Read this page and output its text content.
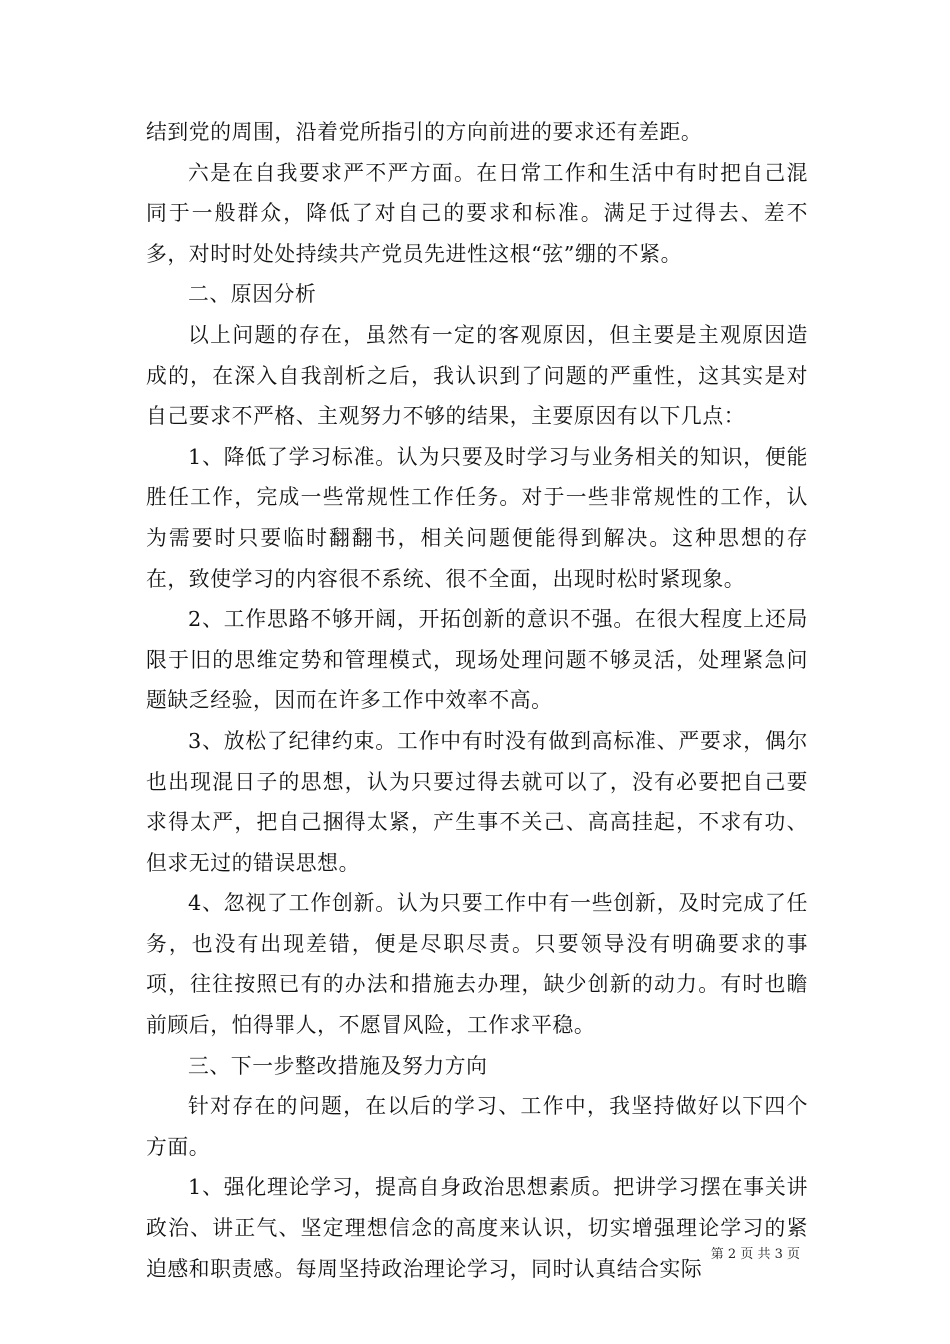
结到党的周围，沿着党所指引的方向前进的要求还有差距。

六是在自我要求严不严方面。在日常工作和生活中有时把自己混同于一般群众，降低了对自己的要求和标准。满足于过得去、差不多，对时时处处持续共产党员先进性这根“弦”绷的不紧。

二、原因分析

以上问题的存在，虽然有一定的客观原因，但主要是主观原因造成的，在深入自我剖析之后，我认识到了问题的严重性，这其实是对自己要求不严格、主观努力不够的结果，主要原因有以下几点：

1、降低了学习标准。认为只要及时学习与业务相关的知识，便能胜任工作，完成一些常规性工作任务。对于一些非常规性的工作，认为需要时只要临时翻翻书，相关问题便能得到解决。这种思想的存在，致使学习的内容很不系统、很不全面，出现时松时紧现象。

2、工作思路不够开阔，开拓创新的意识不强。在很大程度上还局限于旧的思维定势和管理模式，现场处理问题不够灵活，处理紧急问题缺乏经验，因而在许多工作中效率不高。

3、放松了纪律约束。工作中有时没有做到高标准、严要求，偶尔也出现混日子的思想，认为只要过得去就可以了，没有必要把自己要求得太严，把自己捆得太紧，产生事不关己、高高挂起，不求有功、但求无过的错误思想。

4、忽视了工作创新。认为只要工作中有一些创新，及时完成了任务，也没有出现差错，便是尽职尽责。只要领导没有明确要求的事项，往往按照已有的办法和措施去办理，缺少创新的动力。有时也瞻前顾后，怕得罪人，不愿冒风险，工作求平稳。

三、下一步整改措施及努力方向

针对存在的问题，在以后的学习、工作中，我坚持做好以下四个方面。

1、强化理论学习，提高自身政治思想素质。把讲学习摆在事关讲政治、讲正气、坚定理想信念的高度来认识，切实增强理论学习的紧迫感和职责感。每周坚持政治理论学习，同时认真结合实际

第 2 页 共 3 页
